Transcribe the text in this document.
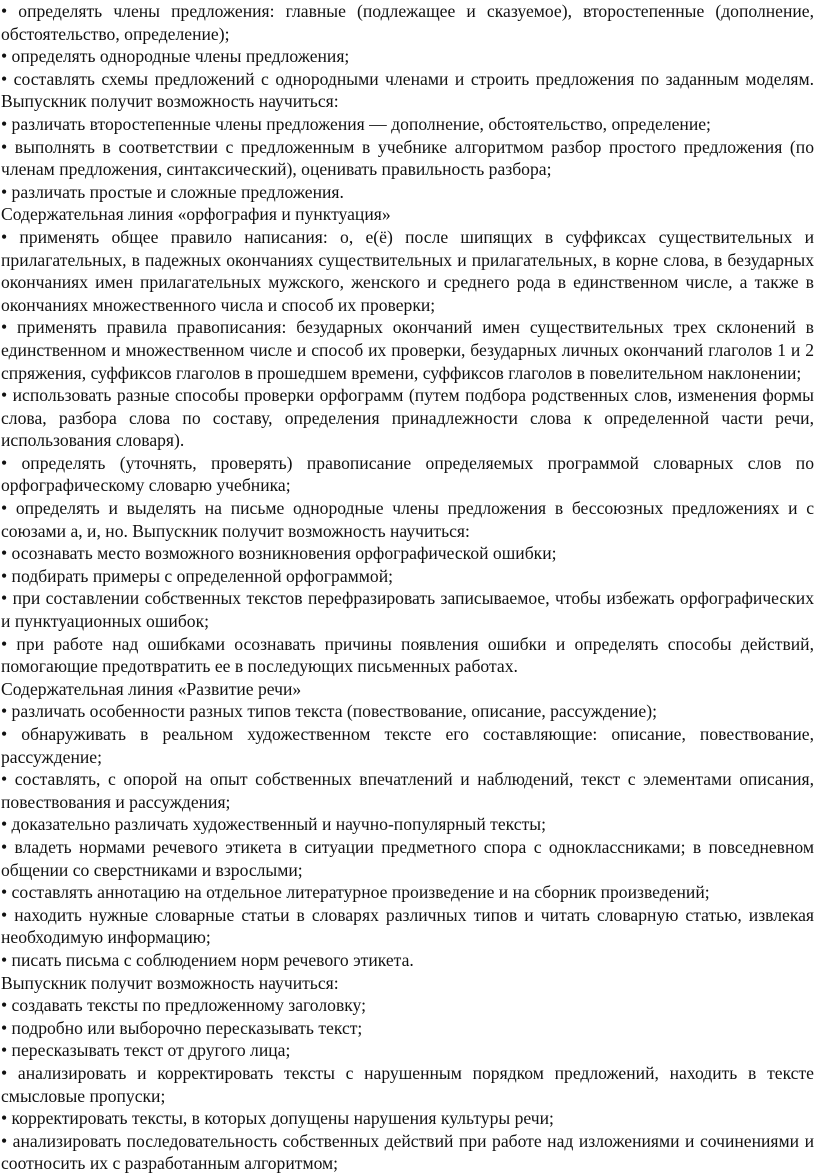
• определять члены предложения: главные (подлежащее и сказуемое), второстепенные (дополнение, обстоятельство, определение);

• определять однородные члены предложения;

• составлять схемы предложений с однородными членами и строить предложения по заданным моделям. Выпускник получит возможность научиться:

• различать второстепенные члены предложения — дополнение, обстоятельство, определение;

• выполнять в соответствии с предложенным в учебнике алгоритмом разбор простого предложения (по членам предложения, синтаксический), оценивать правильность разбора;

• различать простые и сложные предложения.

Содержательная линия «орфография и пунктуация»

• применять общее правило написания: о, е(ё) после шипящих в суффиксах существительных и прилагательных, в падежных окончаниях существительных и прилагательных, в корне слова, в безударных окончаниях имен прилагательных мужского, женского и среднего рода в единственном числе, а также в окончаниях множественного числа и способ их проверки;

• применять правила правописания: безударных окончаний имен существительных трех склонений в единственном и множественном числе и способ их проверки, безударных личных окончаний глаголов 1 и 2 спряжения, суффиксов глаголов в прошедшем времени, суффиксов глаголов в повелительном наклонении;

• использовать разные способы проверки орфограмм (путем подбора родственных слов, изменения формы слова, разбора слова по составу, определения принадлежности слова к определенной части речи, использования словаря).

• определять (уточнять, проверять) правописание определяемых программой словарных слов по орфографическому словарю учебника;

• определять и выделять на письме однородные члены предложения в бессоюзных предложениях и с союзами а, и, но. Выпускник получит возможность научиться:

• осознавать место возможного возникновения орфографической ошибки;

• подбирать примеры с определенной орфограммой;

• при составлении собственных текстов перефразировать записываемое, чтобы избежать орфографических и пунктуационных ошибок;

• при работе над ошибками осознавать причины появления ошибки и определять способы действий, помогающие предотвратить ее в последующих письменных работах.

Содержательная линия «Развитие речи»

• различать особенности разных типов текста (повествование, описание, рассуждение);

• обнаруживать в реальном художественном тексте его составляющие: описание, повествование, рассуждение;

• составлять, с опорой на опыт собственных впечатлений и наблюдений, текст с элементами описания, повествования и рассуждения;

• доказательно различать художественный и научно-популярный тексты;

• владеть нормами речевого этикета в ситуации предметного спора с одноклассниками; в повседневном общении со сверстниками и взрослыми;

• составлять аннотацию на отдельное литературное произведение и на сборник произведений;

• находить нужные словарные статьи в словарях различных типов и читать словарную статью, извлекая необходимую информацию;

• писать письма с соблюдением норм речевого этикета.

Выпускник получит возможность научиться:

• создавать тексты по предложенному заголовку;

• подробно или выборочно пересказывать текст;

• пересказывать текст от другого лица;

• анализировать и корректировать тексты с нарушенным порядком предложений, находить в тексте смысловые пропуски;

• корректировать тексты, в которых допущены нарушения культуры речи;

• анализировать последовательность собственных действий при работе над изложениями и сочинениями и соотносить их с разработанным алгоритмом;
